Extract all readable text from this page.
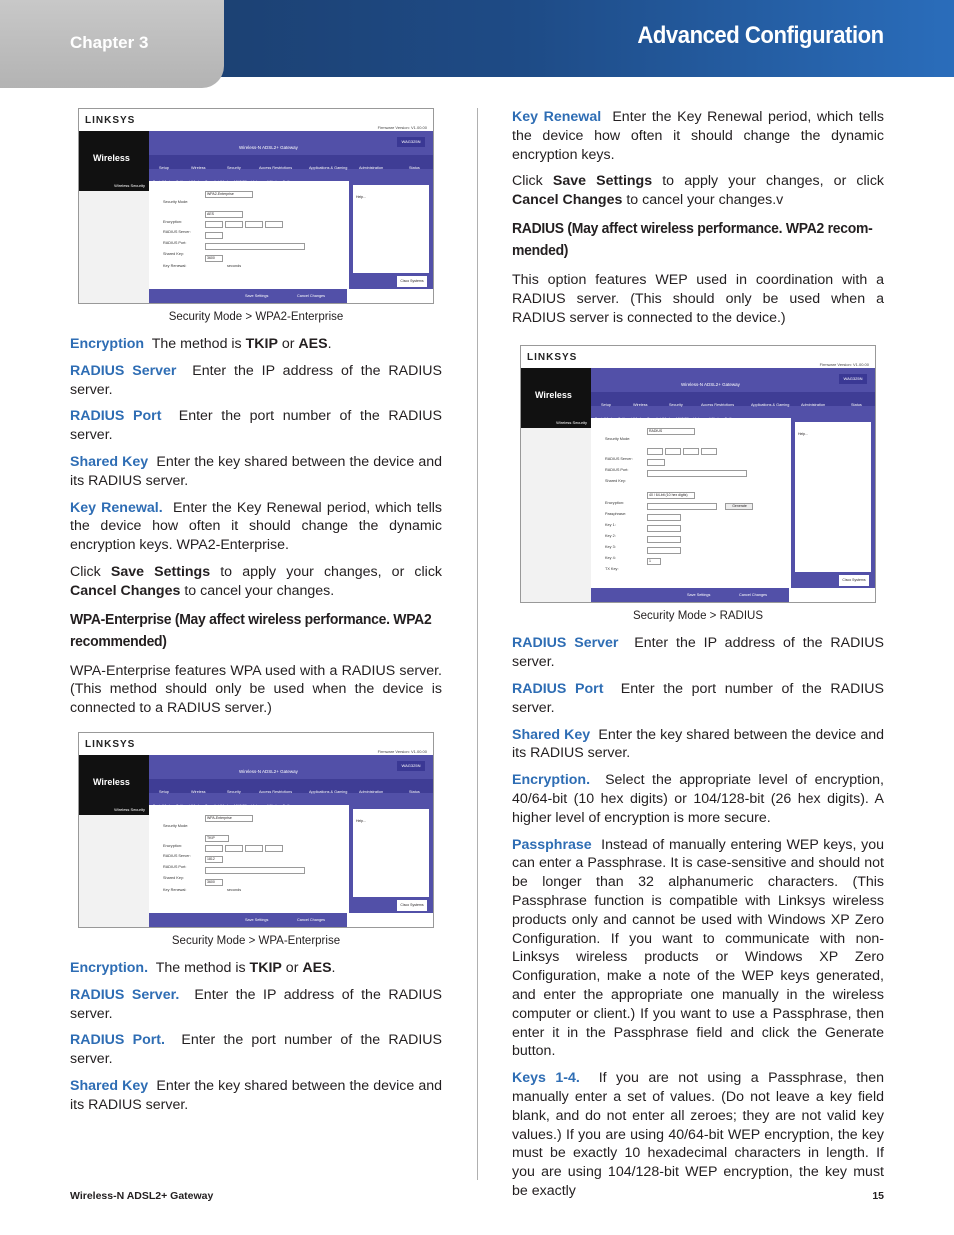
Chapter 3	Advanced Configuration
LINKSYS
Firmware Version: V1.00.00
Wireless
Wireless-N ADSL2+ Gateway
WAG325N
Setup	Wireless	Security	Access Restrictions	Applications & Gaming	Administration	Status
Wireless Security
Security Mode:
WPA2-Enterprise
Encryption:
AES
RADIUS Server:
RADIUS Port:
Shared Key:
Key Renewal:
3600
seconds
Help...
Cisco Systems
Save Settings	Cancel Changes
Security Mode > WPA2-Enterprise

Encryption The method is TKIP or AES.

RADIUS Server Enter the IP address of the RADIUS server.

RADIUS Port Enter the port number of the RADIUS server.

Shared Key Enter the key shared between the device and its RADIUS server.

Key Renewal. Enter the Key Renewal period, which tells the device how often it should change the dynamic encryption keys. WPA2-Enterprise.

Click Save Settings to apply your changes, or click Cancel Changes to cancel your changes.

WPA-Enterprise (May affect wireless performance. WPA2 recommended)

WPA-Enterprise features WPA used with a RADIUS server. (This method should only be used when the device is connected to a RADIUS server.)

LINKSYS
Firmware Version: V1.00.00
Wireless
Wireless-N ADSL2+ Gateway
WAG325N
Setup	Wireless	Security	Access Restrictions	Applications & Gaming	Administration	Status
Wireless Security
Security Mode:
WPA-Enterprise
Encryption:
TKIP
RADIUS Server:
RADIUS Port:
1812
Shared Key:
Key Renewal:
3600
seconds
Help...
Cisco Systems
Save Settings	Cancel Changes
Security Mode > WPA-Enterprise

Encryption. The method is TKIP or AES.

RADIUS Server. Enter the IP address of the RADIUS server.

RADIUS Port. Enter the port number of the RADIUS server.

Shared Key Enter the key shared between the device and its RADIUS server.

Key Renewal Enter the Key Renewal period, which tells the device how often it should change the dynamic encryption keys.

Click Save Settings to apply your changes, or click Cancel Changes to cancel your changes.v

RADIUS (May affect wireless performance. WPA2 recom-mended)

This option features WEP used in coordination with a RADIUS server. (This should only be used when a RADIUS server is connected to the device.)

LINKSYS
Firmware Version: V1.00.00
Wireless
Wireless-N ADSL2+ Gateway
WAG325N
Setup	Wireless	Security	Access Restrictions	Applications & Gaming	Administration	Status
Wireless Security
Security Mode:
RADIUS
RADIUS Server:
RADIUS Port:
Shared Key:
Encryption:
40 / 64-bit (10 hex digits)
Passphrase:
Generate
Key 1:
Key 2:
Key 3:
Key 4:
TX Key:
1
Help...
Cisco Systems
Save Settings	Cancel Changes
Security Mode > RADIUS

RADIUS Server Enter the IP address of the RADIUS server.

RADIUS Port Enter the port number of the RADIUS server.

Shared Key Enter the key shared between the device and its RADIUS server.

Encryption. Select the appropriate level of encryption, 40/64-bit (10 hex digits) or 104/128-bit (26 hex digits). A higher level of encryption is more secure.

Passphrase Instead of manually entering WEP keys, you can enter a Passphrase. It is case-sensitive and should not be longer than 32 alphanumeric characters. (This Passphrase function is compatible with Linksys wireless products only and cannot be used with Windows XP Zero Configuration. If you want to communicate with non-Linksys wireless products or Windows XP Zero Configuration, make a note of the WEP keys generated, and enter the appropriate one manually in the wireless computer or client.) If you want to use a Passphrase, then enter it in the Passphrase field and click the Generate button.

Keys 1-4. If you are not using a Passphrase, then manually enter a set of values. (Do not leave a key field blank, and do not enter all zeroes; they are not valid key values.) If you are using 40/64-bit WEP encryption, the key must be exactly 10 hexadecimal characters in length. If you are using 104/128-bit WEP encryption, the key must be exactly

Wireless-N ADSL2+ Gateway	15
